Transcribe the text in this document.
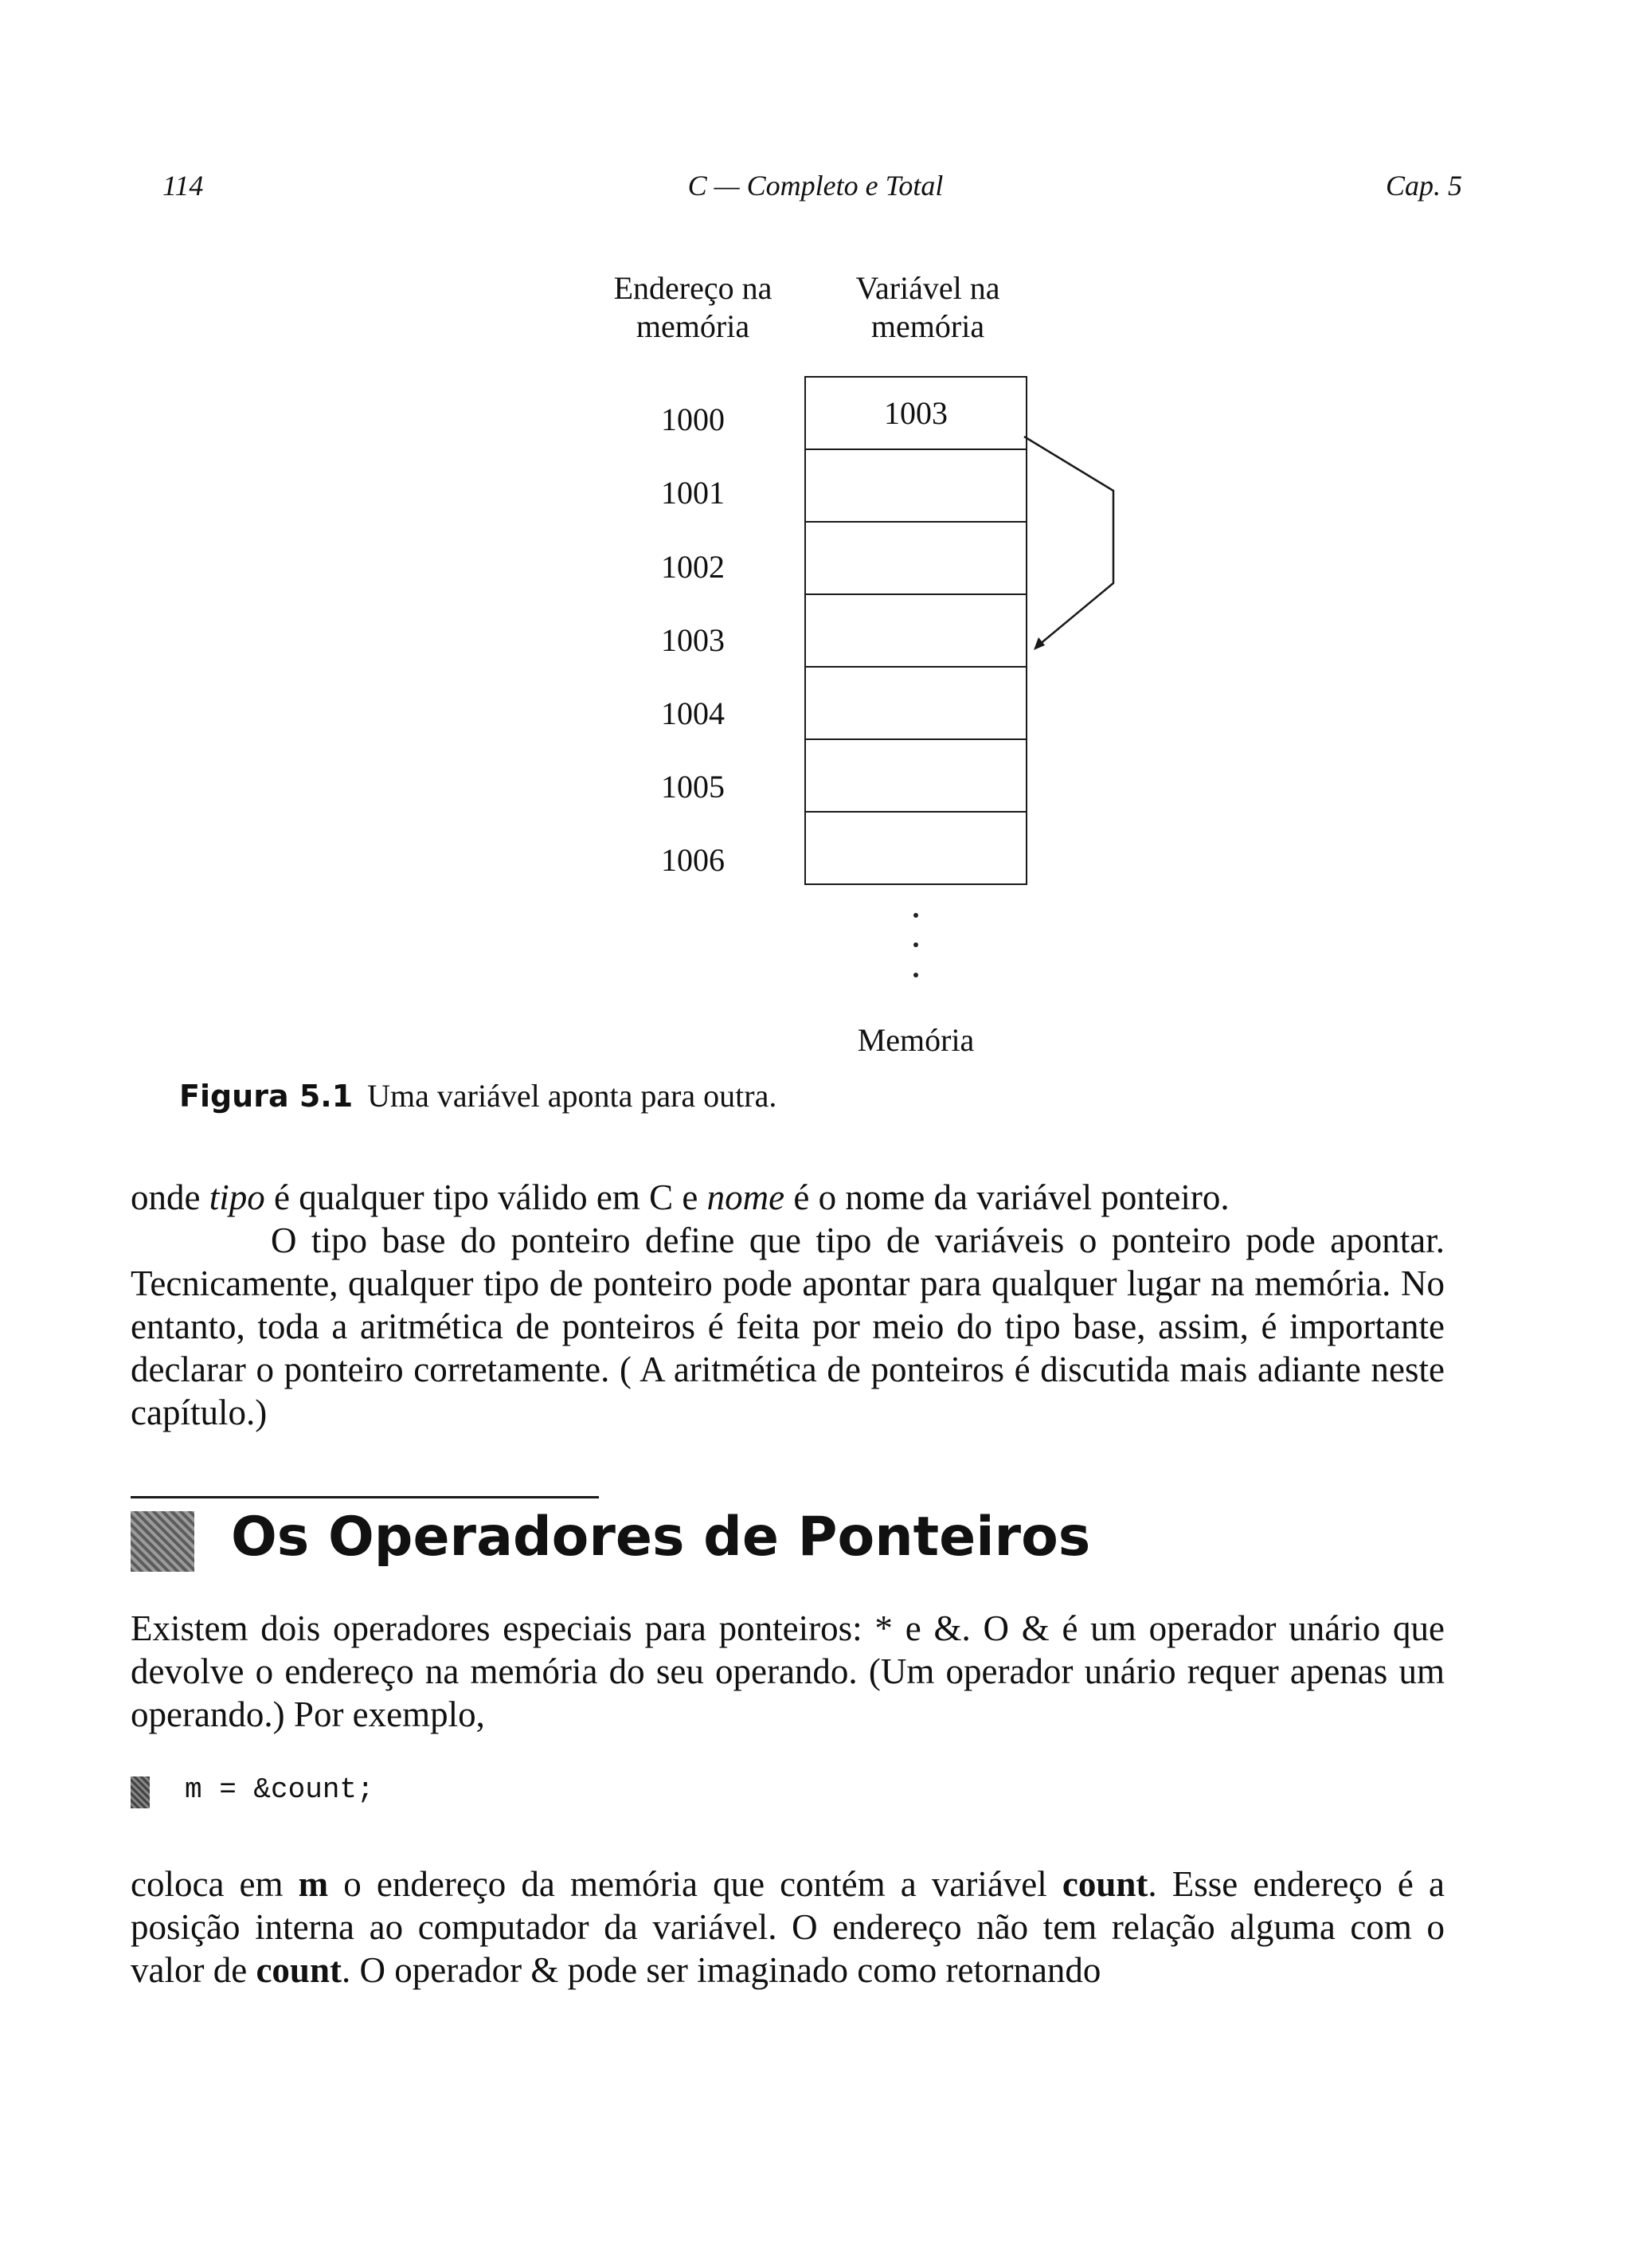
114	C — Completo e Total	Cap. 5
Endereço na
memória
Variável na
memória
1000
1001
1002
1003
1004
1005
1006
1003
Memória
Figura 5.1 Uma variável aponta para outra.

onde tipo é qualquer tipo válido em C e nome é o nome da variável ponteiro.

O tipo base do ponteiro define que tipo de variáveis o ponteiro pode apontar. Tecnicamente, qualquer tipo de ponteiro pode apontar para qualquer lugar na memória. No entanto, toda a aritmética de ponteiros é feita por meio do tipo base, assim, é importante declarar o ponteiro corretamente. ( A aritmética de ponteiros é discutida mais adiante neste capítulo.)

Os Operadores de Ponteiros

Existem dois operadores especiais para ponteiros: * e &. O & é um operador unário que devolve o endereço na memória do seu operando. (Um operador unário requer apenas um operando.) Por exemplo,

m = &count;

coloca em m o endereço da memória que contém a variável count. Esse endereço é a posição interna ao computador da variável. O endereço não tem relação alguma com o valor de count. O operador & pode ser imaginado como retornando
